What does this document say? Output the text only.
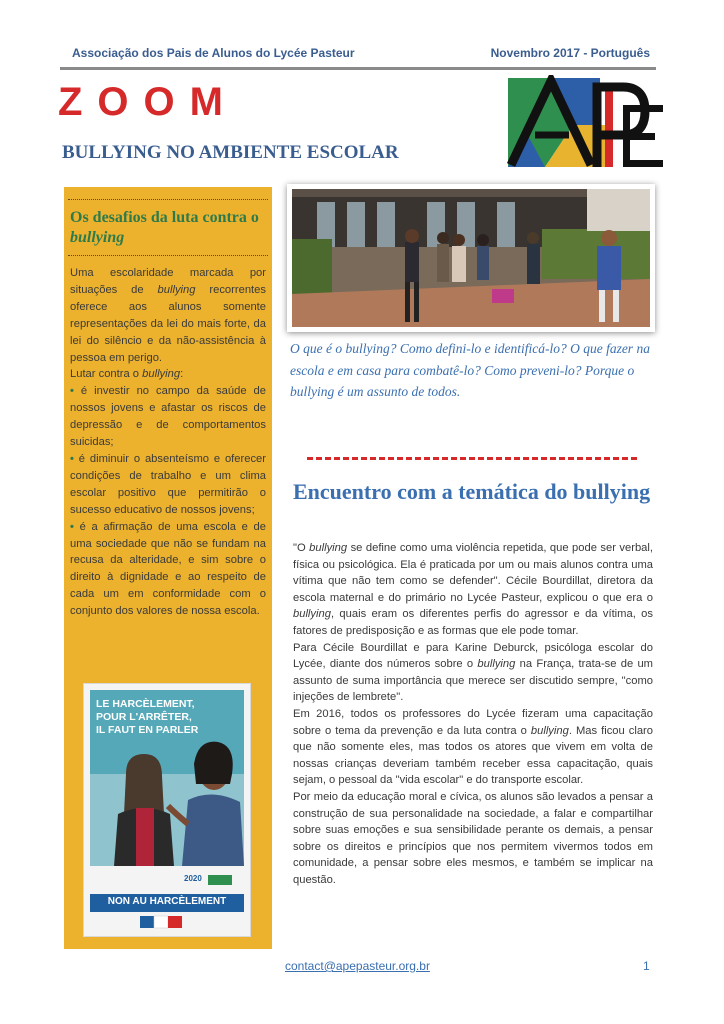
Associação dos Pais de Alunos do Lycée Pasteur	Novembro 2017 - Português
ZOOM
BULLYING NO AMBIENTE ESCOLAR
Os desafios da luta contra o bullying

Uma escolaridade marcada por situações de bullying recorrentes oferece aos alunos somente representações da lei do mais forte, da lei do silêncio e da não-assistência à pessoa em perigo.

Lutar contra o bullying:

• é investir no campo da saúde de nossos jovens e afastar os riscos de depressão e de comportamentos suicidas;

• é diminuir o absenteísmo e oferecer condições de trabalho e um clima escolar positivo que permitirão o sucesso educativo de nossos jovens;

• é a afirmação de uma escola e de uma sociedade que não se fundam na recusa da alteridade, e sim sobre o direito à dignidade e ao respeito de cada um em conformidade com o conjunto dos valores de nossa escola.

LE HARCÈLEMENT,
POUR L'ARRÊTER,
IL FAUT EN PARLER
2020
NON AU HARCÈLEMENT
O que é o bullying? Como defini-lo e identificá-lo? O que fazer na escola e em casa para combatê-lo? Como preveni-lo? Porque o bullying é um assunto de todos.
Encuentro com a temática do bullying

"O bullying se define como uma violência repetida, que pode ser verbal, física ou psicológica. Ela é praticada por um ou mais alunos contra uma vítima que não tem como se defender". Cécile Bourdillat, diretora da escola maternal e do primário no Lycée Pasteur, explicou o que era o bullying, quais eram os diferentes perfis do agressor e da vítima, os fatores de predisposição e as formas que ele pode tomar.

Para Cécile Bourdillat e para Karine Deburck, psicóloga escolar do Lycée, diante dos números sobre o bullying na França, trata-se de um assunto de suma importância que merece ser discutido sempre, "como injeções de lembrete".

Em 2016, todos os professores do Lycée fizeram uma capacitação sobre o tema da prevenção e da luta contra o bullying. Mas ficou claro que não somente eles, mas todos os atores que vivem em volta de nossas crianças deveriam também receber essa capacitação, quais sejam, o pessoal da "vida escolar" e do transporte escolar.

Por meio da educação moral e cívica, os alunos são levados a pensar a construção de sua personalidade na sociedade, a falar e compartilhar sobre suas emoções e sua sensibilidade perante os demais, a pensar sobre os direitos e princípios que nos permitem vivermos todos em comunidade, a pensar sobre eles mesmos, e também se implicar na questão.

contact@apepasteur.org.br	1
